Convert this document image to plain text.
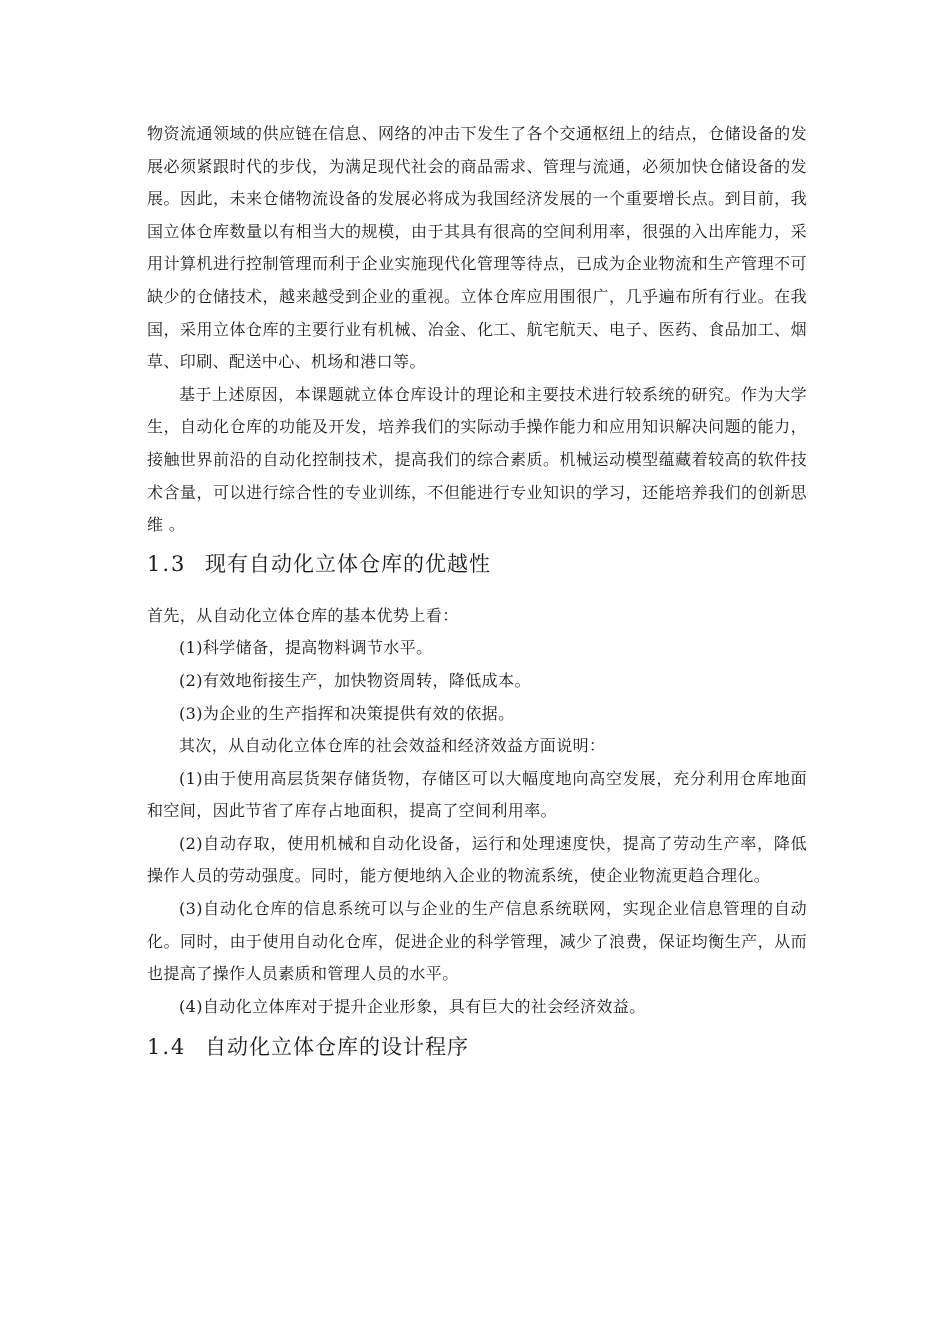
物资流通领域的供应链在信息、网络的冲击下发生了各个交通枢纽上的结点，仓储设备的发展必须紧跟时代的步伐，为满足现代社会的商品需求、管理与流通，必须加快仓储设备的发展。因此，未来仓储物流设备的发展必将成为我国经济发展的一个重要增长点。到目前，我国立体仓库数量以有相当大的规模，由于其具有很高的空间利用率，很强的入出库能力，采用计算机进行控制管理而利于企业实施现代化管理等待点，已成为企业物流和生产管理不可缺少的仓储技术，越来越受到企业的重视。立体仓库应用围很广，几乎遍布所有行业。在我国，采用立体仓库的主要行业有机械、冶金、化工、航宅航天、电子、医药、食品加工、烟草、印刷、配送中心、机场和港口等。

基于上述原因，本课题就立体仓库设计的理论和主要技术进行较系统的研究。作为大学生，自动化仓库的功能及开发，培养我们的实际动手操作能力和应用知识解决问题的能力，接触世界前沿的自动化控制技术，提高我们的综合素质。机械运动模型蕴藏着较高的软件技术含量，可以进行综合性的专业训练，不但能进行专业知识的学习，还能培养我们的创新思维 。

1.3 现有自动化立体仓库的优越性

首先，从自动化立体仓库的基本优势上看：

(1)科学储备，提高物料调节水平。

(2)有效地衔接生产，加快物资周转，降低成本。

(3)为企业的生产指挥和决策提供有效的依据。

其次，从自动化立体仓库的社会效益和经济效益方面说明：

(1)由于使用高层货架存储货物，存储区可以大幅度地向高空发展，充分利用仓库地面和空间，因此节省了库存占地面积，提高了空间利用率。

(2)自动存取，使用机械和自动化设备，运行和处理速度快，提高了劳动生产率，降低操作人员的劳动强度。同时，能方便地纳入企业的物流系统，使企业物流更趋合理化。

(3)自动化仓库的信息系统可以与企业的生产信息系统联网，实现企业信息管理的自动化。同时，由于使用自动化仓库，促进企业的科学管理，减少了浪费，保证均衡生产，从而也提高了操作人员素质和管理人员的水平。

(4)自动化立体库对于提升企业形象，具有巨大的社会经济效益。

1.4 自动化立体仓库的设计程序
